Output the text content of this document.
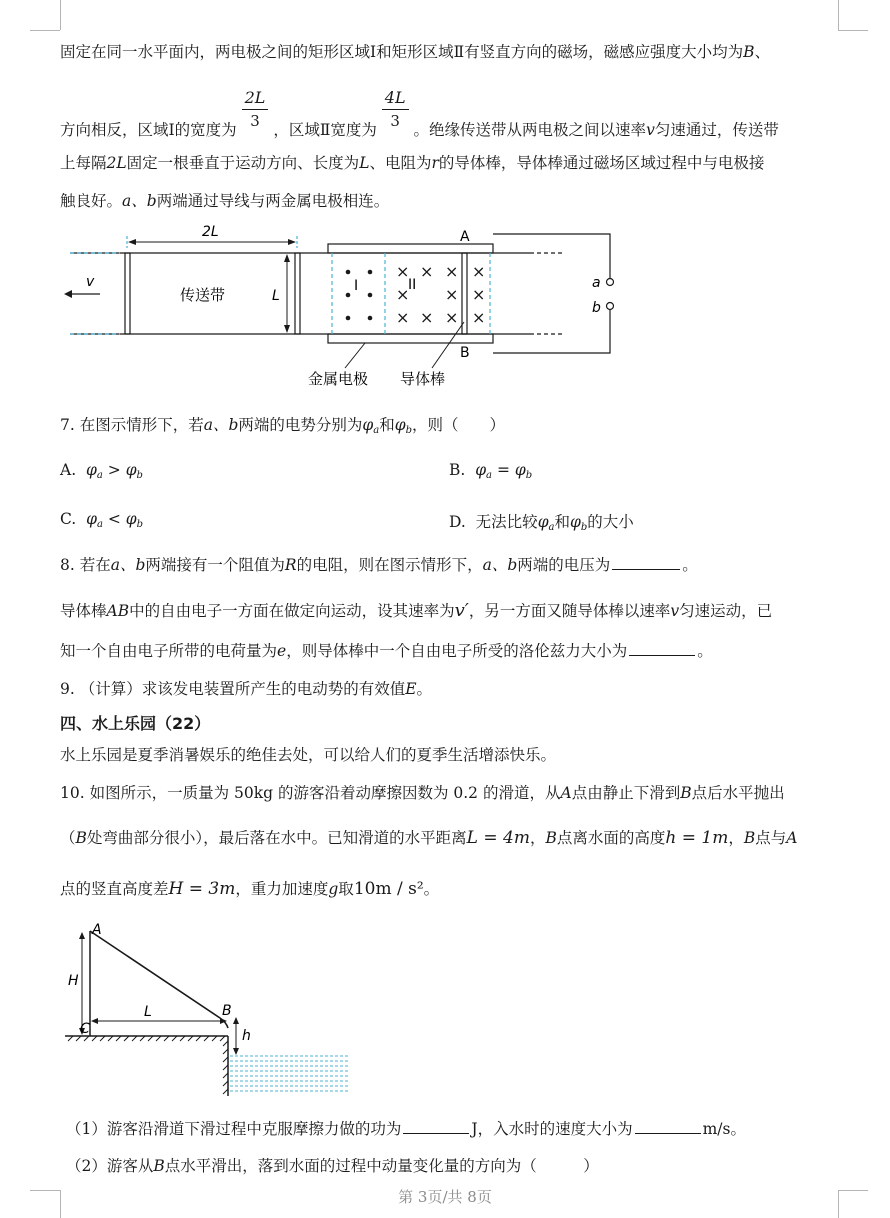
固定在同一水平面内，两电极之间的矩形区域Ⅰ和矩形区域Ⅱ有竖直方向的磁场，磁感应强度大小均为B、
方向相反，区域Ⅰ的宽度为 $\frac{2L}{3}$ ，区域Ⅱ宽度为 $\frac{4L}{3}$ 。绝缘传送带从两电极之间以速率v匀速通过，传送带
上每隔2L固定一根垂直于运动方向、长度为L、电阻为r的导体棒，导体棒通过磁场区域过程中与电极接
触良好。a、b两端通过导线与两金属电极相连。
v
2L
传送带	L
I
× × × ×
× × ×
× × × ×
II
A
B
a
b
金属电极 导体棒
7. 在图示情形下，若a、b两端的电势分别为$\varphi_a$和$\varphi_b$，则（　　）
A. $\varphi_a > \varphi_b$	B. $\varphi_a = \varphi_b$
C. $\varphi_a < \varphi_b$	D. 无法比较$\varphi_a$和$\varphi_b$的大小
8. 若在a、b两端接有一个阻值为R的电阻，则在图示情形下，a、b两端的电压为	。
导体棒AB中的自由电子一方面在做定向运动，设其速率为v′，另一方面又随导体棒以速率v匀速运动，已
知一个自由电子所带的电荷量为e，则导体棒中一个自由电子所受的洛伦兹力大小为	。
9. （计算）求该发电装置所产生的电动势的有效值E。
四、水上乐园（22）
水上乐园是夏季消暑娱乐的绝佳去处，可以给人们的夏季生活增添快乐。
10. 如图所示，一质量为 50kg 的游客沿着动摩擦因数为 0.2 的滑道，从A点由静止下滑到B点后水平抛出
（B处弯曲部分很小），最后落在水中。已知滑道的水平距离L = 4m，B点离水面的高度h = 1m，B点与A
点的竖直高度差H = 3m，重力加速度g取10m / s²。
H
L
h
A
B
C
（1）游客沿滑道下滑过程中克服摩擦力做的功为	J，入水时的速度大小为	m/s。
（2）游客从B点水平滑出，落到水面的过程中动量变化量的方向为（　　　）
第 3页/共 8页
